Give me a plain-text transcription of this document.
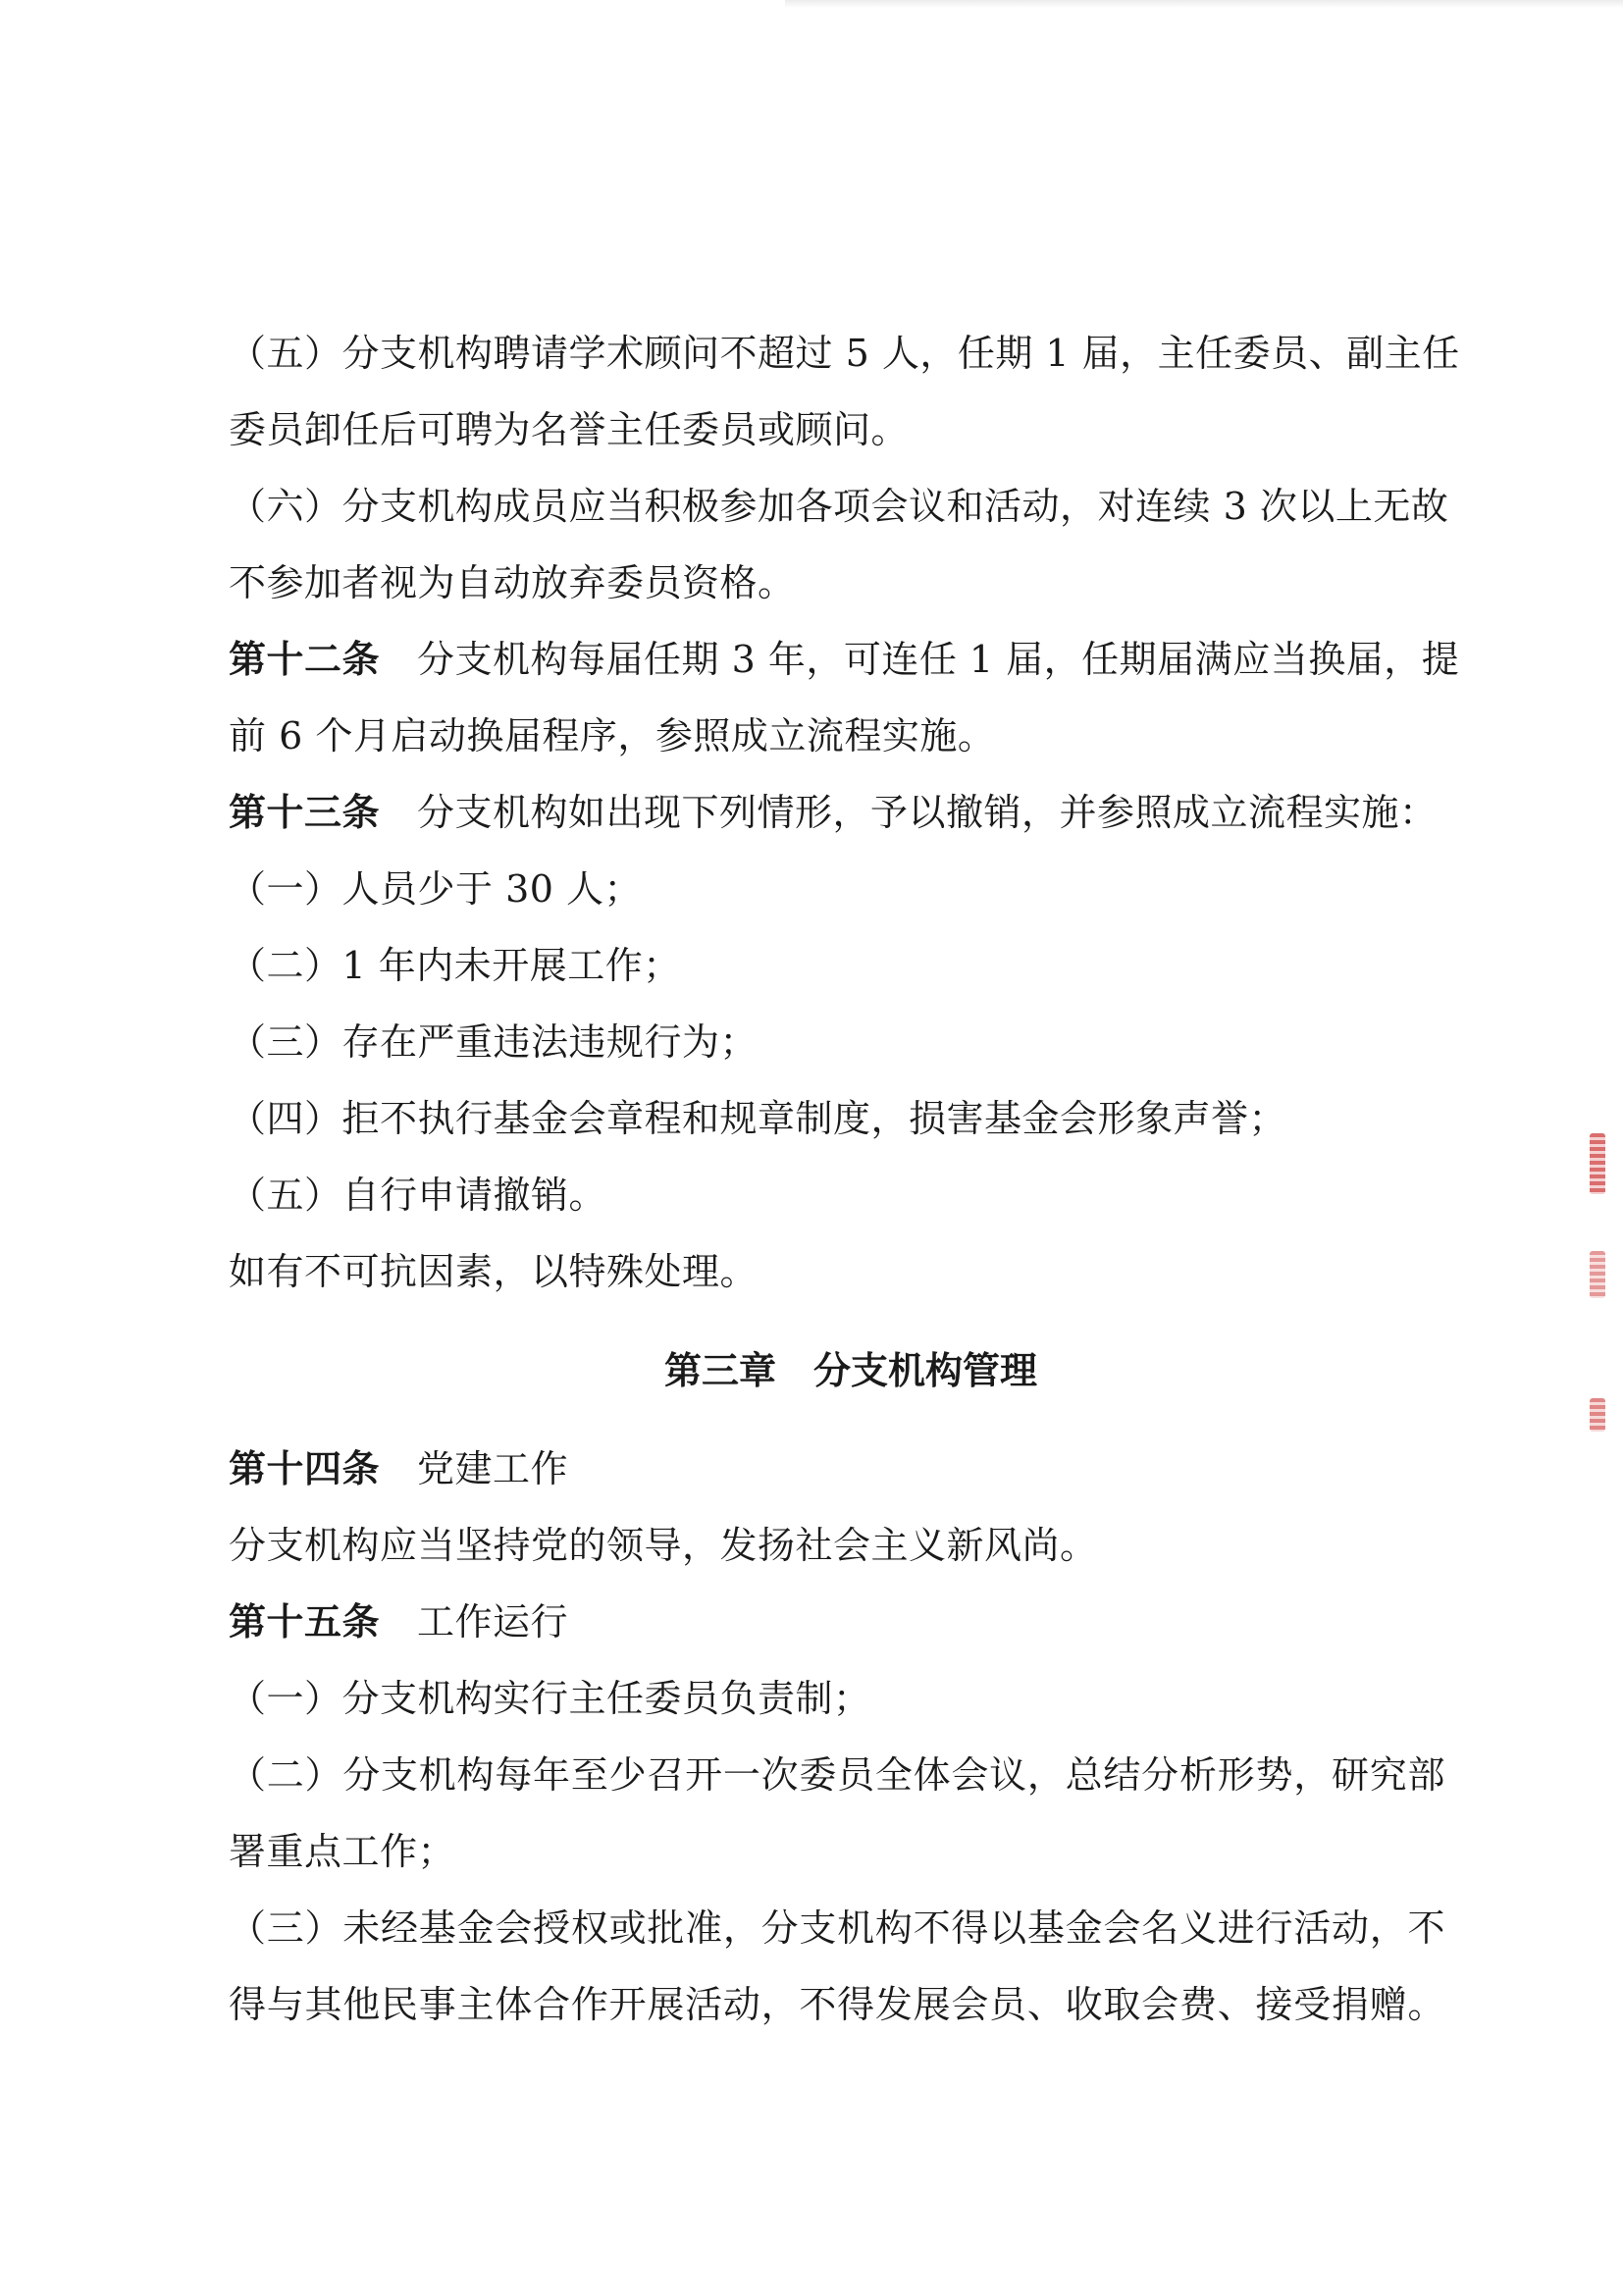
（五）分支机构聘请学术顾问不超过 5 人，任期 1 届，主任委员、副主任
委员卸任后可聘为名誉主任委员或顾问。
（六）分支机构成员应当积极参加各项会议和活动，对连续 3 次以上无故
不参加者视为自动放弃委员资格。
第十二条 分支机构每届任期 3 年，可连任 1 届，任期届满应当换届，提
前 6 个月启动换届程序，参照成立流程实施。
第十三条 分支机构如出现下列情形，予以撤销，并参照成立流程实施：
（一）人员少于 30 人；
（二）1 年内未开展工作；
（三）存在严重违法违规行为；
（四）拒不执行基金会章程和规章制度，损害基金会形象声誉；
（五）自行申请撤销。
如有不可抗因素，以特殊处理。
第三章 分支机构管理
第十四条 党建工作
分支机构应当坚持党的领导，发扬社会主义新风尚。
第十五条 工作运行
（一）分支机构实行主任委员负责制；
（二）分支机构每年至少召开一次委员全体会议，总结分析形势，研究部
署重点工作；
（三）未经基金会授权或批准，分支机构不得以基金会名义进行活动，不
得与其他民事主体合作开展活动，不得发展会员、收取会费、接受捐赠。
